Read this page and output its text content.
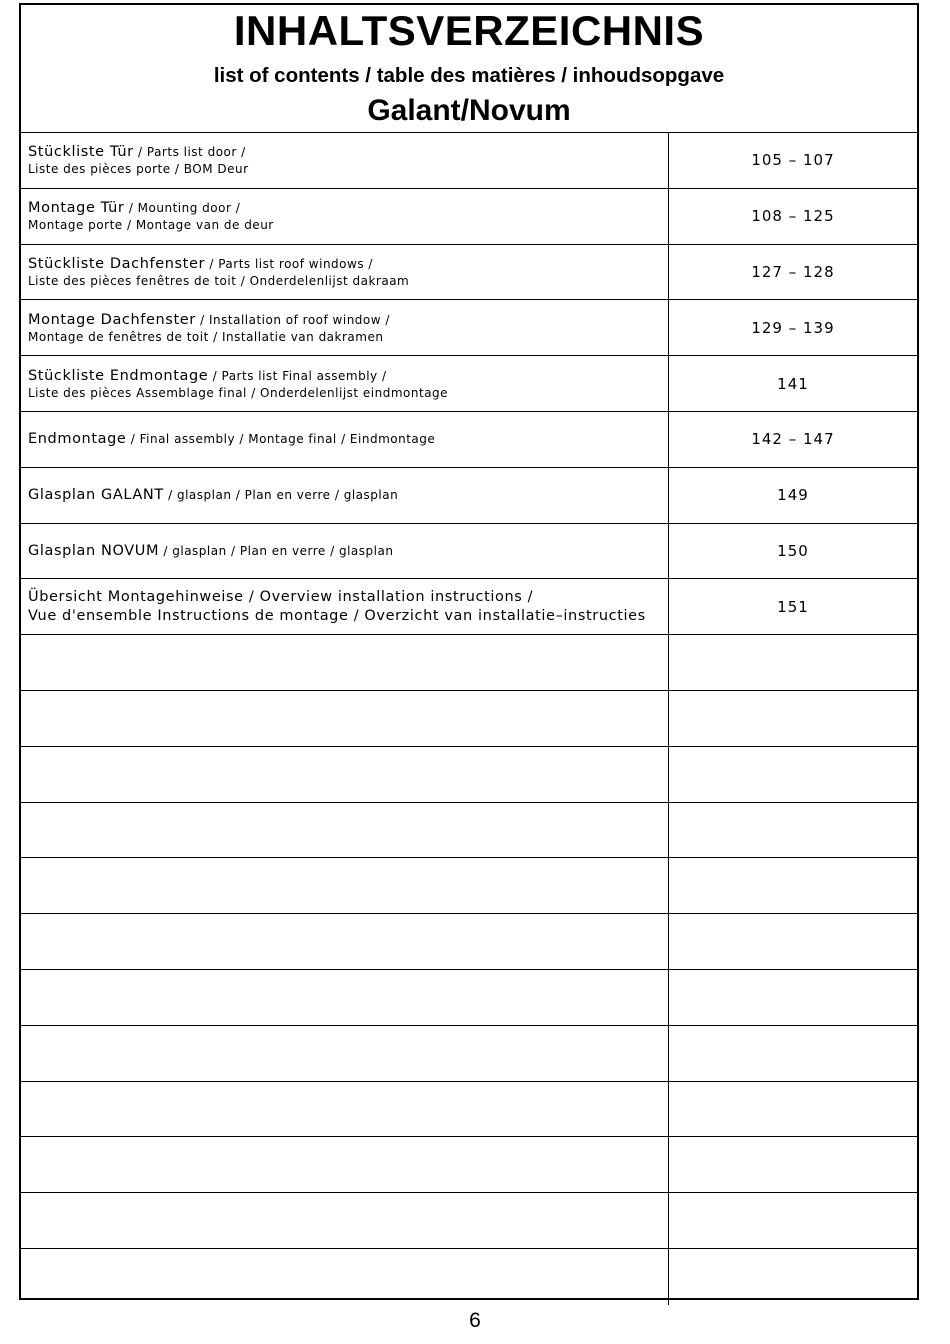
INHALTSVERZEICHNIS
list of contents / table des matières / inhoudsopgave
Galant/Novum
Stückliste Tür / Parts list door /
Liste des pièces porte / BOM Deur	105 – 107
Montage Tür / Mounting door /
Montage porte / Montage van de deur	108 – 125
Stückliste Dachfenster / Parts list roof windows /
Liste des pièces fenêtres de toit / Onderdelenlijst dakraam	127 – 128
Montage Dachfenster / Installation of roof window /
Montage de fenêtres de toit / Installatie van dakramen	129 – 139
Stückliste Endmontage / Parts list Final assembly /
Liste des pièces Assemblage final / Onderdelenlijst eindmontage	141
Endmontage / Final assembly / Montage final / Eindmontage	142 – 147
Glasplan GALANT / glasplan / Plan en verre / glasplan	149
Glasplan NOVUM / glasplan / Plan en verre / glasplan	150
Übersicht Montagehinweise / Overview installation instructions /
Vue d'ensemble Instructions de montage / Overzicht van installatie–instructies	151
6
